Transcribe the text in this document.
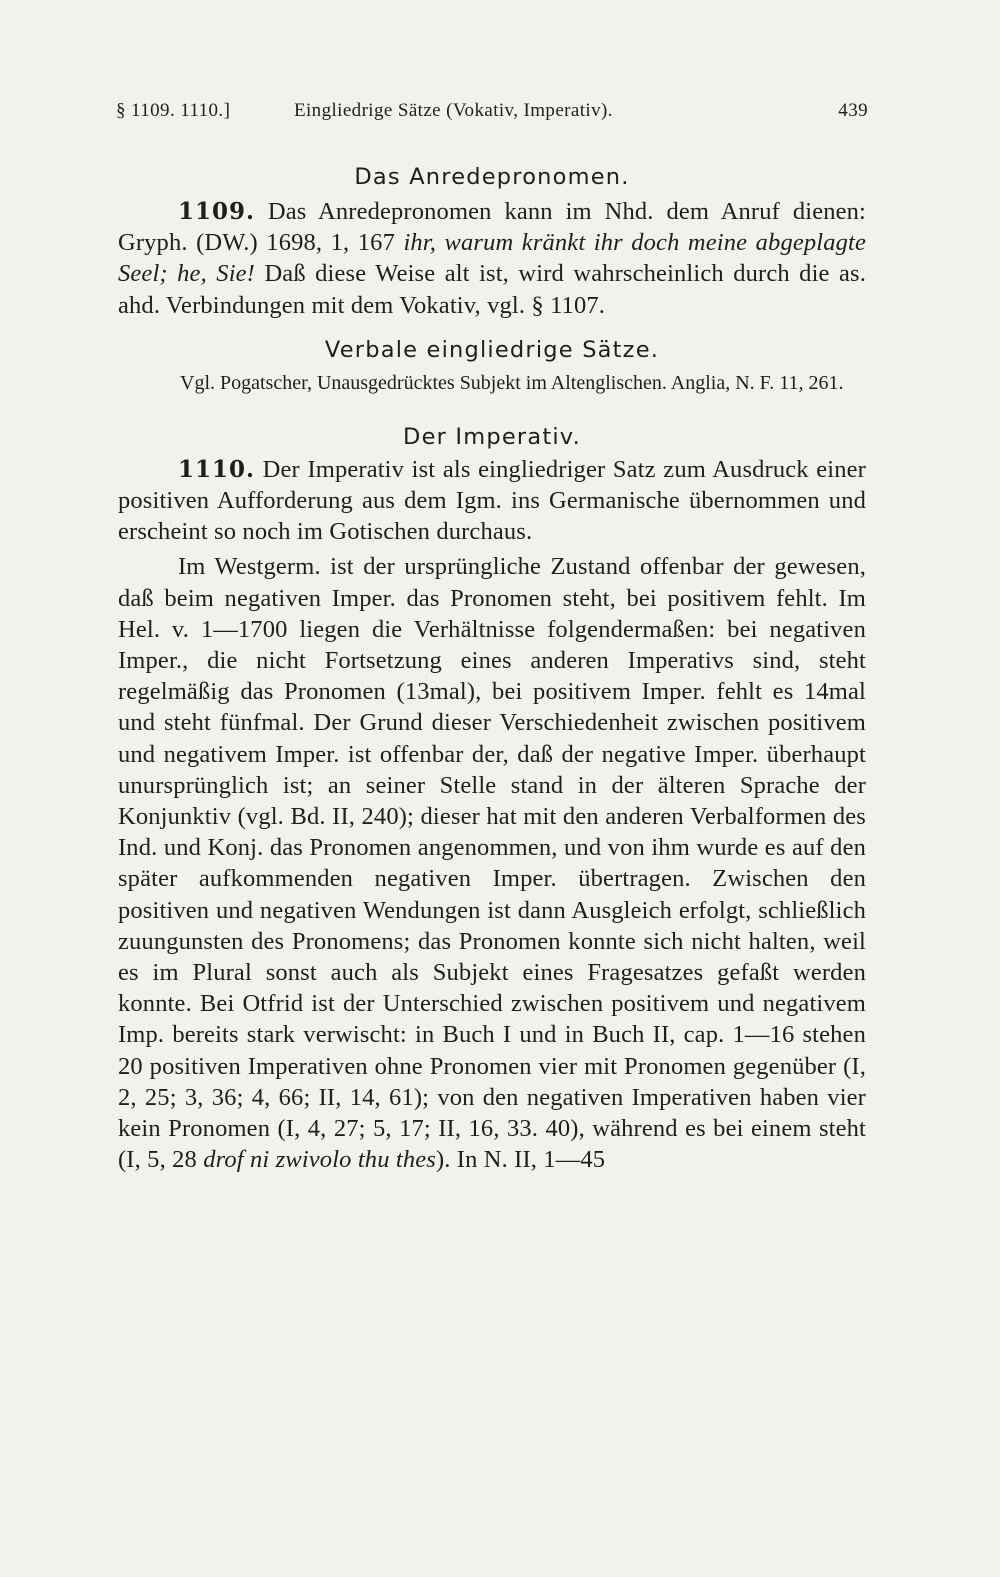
§ 1109. 1110.]	Eingliedrige Sätze (Vokativ, Imperativ).	439
Das Anredepronomen.

1109. Das Anredepronomen kann im Nhd. dem Anruf dienen: Gryph. (DW.) 1698, 1, 167 ihr, warum kränkt ihr doch meine abgeplagte Seel; he, Sie! Daß diese Weise alt ist, wird wahrscheinlich durch die as. ahd. Verbindungen mit dem Vokativ, vgl. § 1107.

Verbale eingliedrige Sätze.

Vgl. Pogatscher, Unausgedrücktes Subjekt im Altenglischen. Anglia, N. F. 11, 261.

Der Imperativ.

1110. Der Imperativ ist als eingliedriger Satz zum Ausdruck einer positiven Aufforderung aus dem Igm. ins Germanische übernommen und erscheint so noch im Gotischen durchaus.

Im Westgerm. ist der ursprüngliche Zustand offenbar der gewesen, daß beim negativen Imper. das Pronomen steht, bei positivem fehlt. Im Hel. v. 1—1700 liegen die Verhältnisse folgendermaßen: bei negativen Imper., die nicht Fortsetzung eines anderen Imperativs sind, steht regelmäßig das Pronomen (13mal), bei positivem Imper. fehlt es 14mal und steht fünfmal. Der Grund dieser Verschiedenheit zwischen positivem und negativem Imper. ist offenbar der, daß der negative Imper. überhaupt unursprünglich ist; an seiner Stelle stand in der älteren Sprache der Konjunktiv (vgl. Bd. II, 240); dieser hat mit den anderen Verbalformen des Ind. und Konj. das Pronomen angenommen, und von ihm wurde es auf den später aufkommenden negativen Imper. übertragen. Zwischen den positiven und negativen Wendungen ist dann Ausgleich erfolgt, schließlich zuungunsten des Pronomens; das Pronomen konnte sich nicht halten, weil es im Plural sonst auch als Subjekt eines Fragesatzes gefaßt werden konnte. Bei Otfrid ist der Unterschied zwischen positivem und negativem Imp. bereits stark verwischt: in Buch I und in Buch II, cap. 1—16 stehen 20 positiven Imperativen ohne Pronomen vier mit Pronomen gegenüber (I, 2, 25; 3, 36; 4, 66; II, 14, 61); von den negativen Imperativen haben vier kein Pronomen (I, 4, 27; 5, 17; II, 16, 33. 40), während es bei einem steht (I, 5, 28 drof ni zwivolo thu thes). In N. II, 1—45
